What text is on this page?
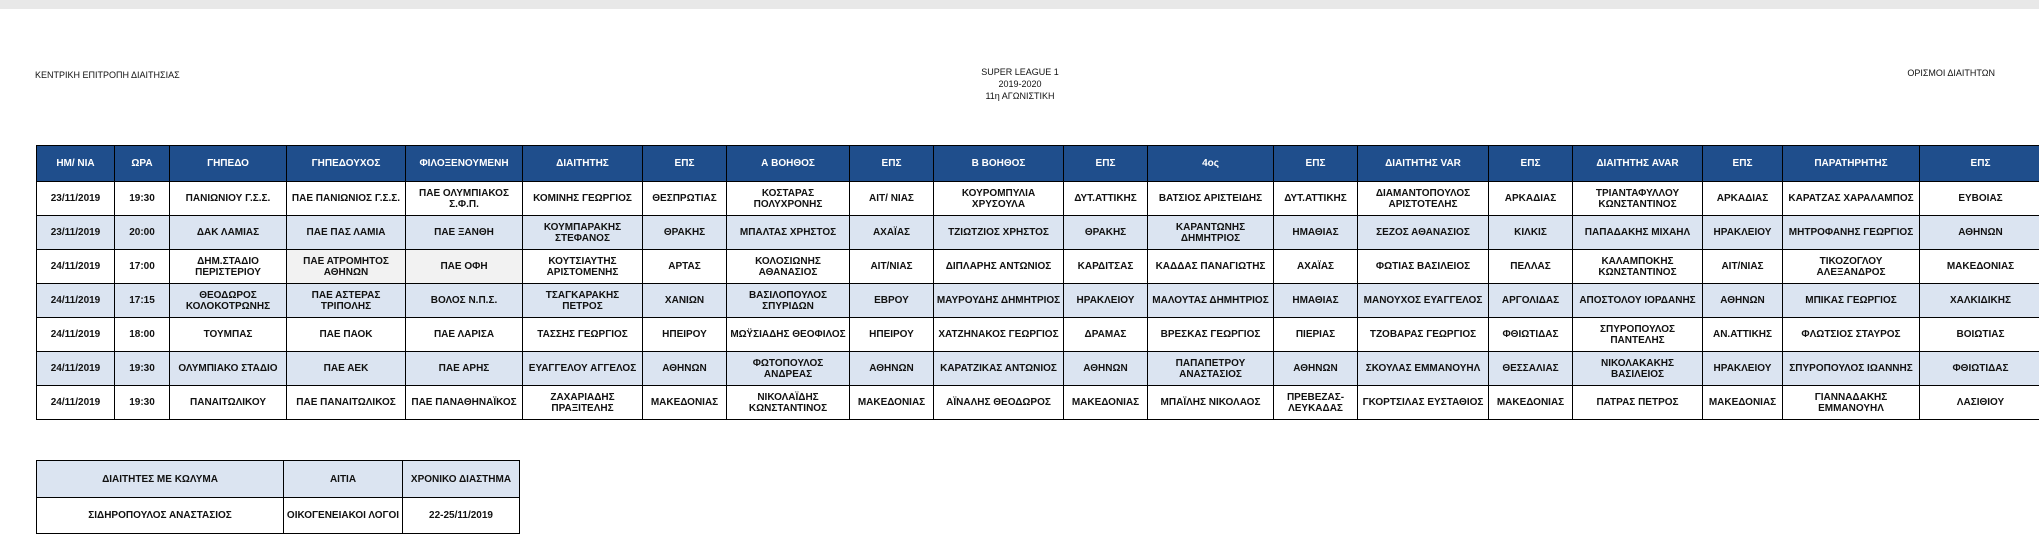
ΚΕΝΤΡΙΚΗ ΕΠΙΤΡΟΠΗ ΔΙΑΙΤΗΣΙΑΣ	SUPER LEAGUE 1
2019-2020
11η ΑΓΩΝΙΣΤΙΚΗ
ΟΡΙΣΜΟΙ ΔΙΑΙΤΗΤΩΝ
ΗΜ/ ΝΙΑ	ΩΡΑ	ΓΗΠΕΔΟ	ΓΗΠΕΔΟΥΧΟΣ	ΦΙΛΟΞΕΝΟΥΜΕΝΗ	ΔΙΑΙΤΗΤΗΣ	ΕΠΣ	Α ΒΟΗΘΟΣ	ΕΠΣ	Β ΒΟΗΘΟΣ	ΕΠΣ	4ος	ΕΠΣ	ΔΙΑΙΤΗΤΗΣ VAR	ΕΠΣ	ΔΙΑΙΤΗΤΗΣ AVAR	ΕΠΣ	ΠΑΡΑΤΗΡΗΤΗΣ	ΕΠΣ
23/11/2019	19:30	ΠΑΝΙΩΝΙΟΥ Γ.Σ.Σ.	ΠΑΕ ΠΑΝΙΩΝΙΟΣ Γ.Σ.Σ.	ΠΑΕ ΟΛΥΜΠΙΑΚΟΣ Σ.Φ.Π.	ΚΟΜΙΝΗΣ ΓΕΩΡΓΙΟΣ	ΘΕΣΠΡΩΤΙΑΣ	ΚΟΣΤΑΡΑΣ ΠΟΛΥΧΡΟΝΗΣ	ΑΙΤ/ ΝΙΑΣ	ΚΟΥΡΟΜΠΥΛΙΑ ΧΡΥΣΟΥΛΑ	ΔΥΤ.ΑΤΤΙΚΗΣ	ΒΑΤΣΙΟΣ ΑΡΙΣΤΕΙΔΗΣ	ΔΥΤ.ΑΤΤΙΚΗΣ	ΔΙΑΜΑΝΤΟΠΟΥΛΟΣ ΑΡΙΣΤΟΤΕΛΗΣ	ΑΡΚΑΔΙΑΣ	ΤΡΙΑΝΤΑΦΥΛΛΟΥ ΚΩΝΣΤΑΝΤΙΝΟΣ	ΑΡΚΑΔΙΑΣ	ΚΑΡΑΤΖΑΣ ΧΑΡΑΛΑΜΠΟΣ	ΕΥΒΟΙΑΣ
23/11/2019	20:00	ΔΑΚ ΛΑΜΙΑΣ	ΠΑΕ ΠΑΣ ΛΑΜΙΑ	ΠΑΕ ΞΑΝΘΗ	ΚΟΥΜΠΑΡΑΚΗΣ ΣΤΕΦΑΝΟΣ	ΘΡΑΚΗΣ	ΜΠΑΛΤΑΣ ΧΡΗΣΤΟΣ	ΑΧΑΪΑΣ	ΤΖΙΩΤΖΙΟΣ ΧΡΗΣΤΟΣ	ΘΡΑΚΗΣ	ΚΑΡΑΝΤΩΝΗΣ ΔΗΜΗΤΡΙΟΣ	ΗΜΑΘΙΑΣ	ΣΕΖΟΣ ΑΘΑΝΑΣΙΟΣ	ΚΙΛΚΙΣ	ΠΑΠΑΔΑΚΗΣ ΜΙΧΑΗΛ	ΗΡΑΚΛΕΙΟΥ	ΜΗΤΡΟΦΑΝΗΣ ΓΕΩΡΓΙΟΣ	ΑΘΗΝΩΝ
24/11/2019	17:00	ΔΗΜ.ΣΤΑΔΙΟ ΠΕΡΙΣΤΕΡΙΟΥ	ΠΑΕ ΑΤΡΟΜΗΤΟΣ ΑΘΗΝΩΝ	ΠΑΕ ΟΦΗ	ΚΟΥΤΣΙΑΥΤΗΣ ΑΡΙΣΤΟΜΕΝΗΣ	ΑΡΤΑΣ	ΚΟΛΟΣΙΩΝΗΣ ΑΘΑΝΑΣΙΟΣ	ΑΙΤ/ΝΙΑΣ	ΔΙΠΛΑΡΗΣ ΑΝΤΩΝΙΟΣ	ΚΑΡΔΙΤΣΑΣ	ΚΑΔΔΑΣ ΠΑΝΑΓΙΩΤΗΣ	ΑΧΑΪΑΣ	ΦΩΤΙΑΣ ΒΑΣΙΛΕΙΟΣ	ΠΕΛΛΑΣ	ΚΑΛΑΜΠΟΚΗΣ ΚΩΝΣΤΑΝΤΙΝΟΣ	ΑΙΤ/ΝΙΑΣ	ΤΙΚΟΖΟΓΛΟΥ ΑΛΕΞΑΝΔΡΟΣ	ΜΑΚΕΔΟΝΙΑΣ
24/11/2019	17:15	ΘΕΟΔΩΡΟΣ ΚΟΛΟΚΟΤΡΩΝΗΣ	ΠΑΕ ΑΣΤΕΡΑΣ ΤΡΙΠΟΛΗΣ	ΒΟΛΟΣ Ν.Π.Σ.	ΤΣΑΓΚΑΡΑΚΗΣ ΠΕΤΡΟΣ	ΧΑΝΙΩΝ	ΒΑΣΙΛΟΠΟΥΛΟΣ ΣΠΥΡΙΔΩΝ	ΕΒΡΟΥ	ΜΑΥΡΟΥΔΗΣ ΔΗΜΗΤΡΙΟΣ	ΗΡΑΚΛΕΙΟΥ	ΜΑΛΟΥΤΑΣ ΔΗΜΗΤΡΙΟΣ	ΗΜΑΘΙΑΣ	ΜΑΝΟΥΧΟΣ ΕΥΑΓΓΕΛΟΣ	ΑΡΓΟΛΙΔΑΣ	ΑΠΟΣΤΟΛΟΥ ΙΟΡΔΑΝΗΣ	ΑΘΗΝΩΝ	ΜΠΙΚΑΣ ΓΕΩΡΓΙΟΣ	ΧΑΛΚΙΔΙΚΗΣ
24/11/2019	18:00	ΤΟΥΜΠΑΣ	ΠΑΕ ΠΑΟΚ	ΠΑΕ ΛΑΡΙΣΑ	ΤΑΣΣΗΣ ΓΕΩΡΓΙΟΣ	ΗΠΕΙΡΟΥ	ΜΩΫΣΙΑΔΗΣ ΘΕΟΦΙΛΟΣ	ΗΠΕΙΡΟΥ	ΧΑΤΖΗΝΑΚΟΣ ΓΕΩΡΓΙΟΣ	ΔΡΑΜΑΣ	ΒΡΕΣΚΑΣ ΓΕΩΡΓΙΟΣ	ΠΙΕΡΙΑΣ	ΤΖΟΒΑΡΑΣ ΓΕΩΡΓΙΟΣ	ΦΘΙΩΤΙΔΑΣ	ΣΠΥΡΟΠΟΥΛΟΣ ΠΑΝΤΕΛΗΣ	ΑΝ.ΑΤΤΙΚΗΣ	ΦΛΩΤΣΙΟΣ ΣΤΑΥΡΟΣ	ΒΟΙΩΤΙΑΣ
24/11/2019	19:30	ΟΛΥΜΠΙΑΚΟ ΣΤΑΔΙΟ	ΠΑΕ ΑΕΚ	ΠΑΕ ΑΡΗΣ	ΕΥΑΓΓΕΛΟΥ ΑΓΓΕΛΟΣ	ΑΘΗΝΩΝ	ΦΩΤΟΠΟΥΛΟΣ ΑΝΔΡΕΑΣ	ΑΘΗΝΩΝ	ΚΑΡΑΤΖΙΚΑΣ ΑΝΤΩΝΙΟΣ	ΑΘΗΝΩΝ	ΠΑΠΑΠΕΤΡΟΥ ΑΝΑΣΤΑΣΙΟΣ	ΑΘΗΝΩΝ	ΣΚΟΥΛΑΣ ΕΜΜΑΝΟΥΗΛ	ΘΕΣΣΑΛΙΑΣ	ΝΙΚΟΛΑΚΑΚΗΣ ΒΑΣΙΛΕΙΟΣ	ΗΡΑΚΛΕΙΟΥ	ΣΠΥΡΟΠΟΥΛΟΣ ΙΩΑΝΝΗΣ	ΦΘΙΩΤΙΔΑΣ
24/11/2019	19:30	ΠΑΝΑΙΤΩΛΙΚΟΥ	ΠΑΕ ΠΑΝΑΙΤΩΛΙΚΟΣ	ΠΑΕ ΠΑΝΑΘΗΝΑΪΚΟΣ	ΖΑΧΑΡΙΑΔΗΣ ΠΡΑΞΙΤΕΛΗΣ	ΜΑΚΕΔΟΝΙΑΣ	ΝΙΚΟΛΑΪΔΗΣ ΚΩΝΣΤΑΝΤΙΝΟΣ	ΜΑΚΕΔΟΝΙΑΣ	ΑΪΝΑΛΗΣ ΘΕΟΔΩΡΟΣ	ΜΑΚΕΔΟΝΙΑΣ	ΜΠΑΪΛΗΣ ΝΙΚΟΛΑΟΣ	ΠΡΕΒΕΖΑΣ-ΛΕΥΚΑΔΑΣ	ΓΚΟΡΤΣΙΛΑΣ ΕΥΣΤΑΘΙΟΣ	ΜΑΚΕΔΟΝΙΑΣ	ΠΑΤΡΑΣ ΠΕΤΡΟΣ	ΜΑΚΕΔΟΝΙΑΣ	ΓΙΑΝΝΑΔΑΚΗΣ ΕΜΜΑΝΟΥΗΛ	ΛΑΣΙΘΙΟΥ
ΔΙΑΙΤΗΤΕΣ ΜΕ ΚΩΛΥΜΑ	ΑΙΤΙΑ	ΧΡΟΝΙΚΟ ΔΙΑΣΤΗΜΑ
ΣΙΔΗΡΟΠΟΥΛΟΣ ΑΝΑΣΤΑΣΙΟΣ	ΟΙΚΟΓΕΝΕΙΑΚΟΙ ΛΟΓΟΙ	22-25/11/2019
